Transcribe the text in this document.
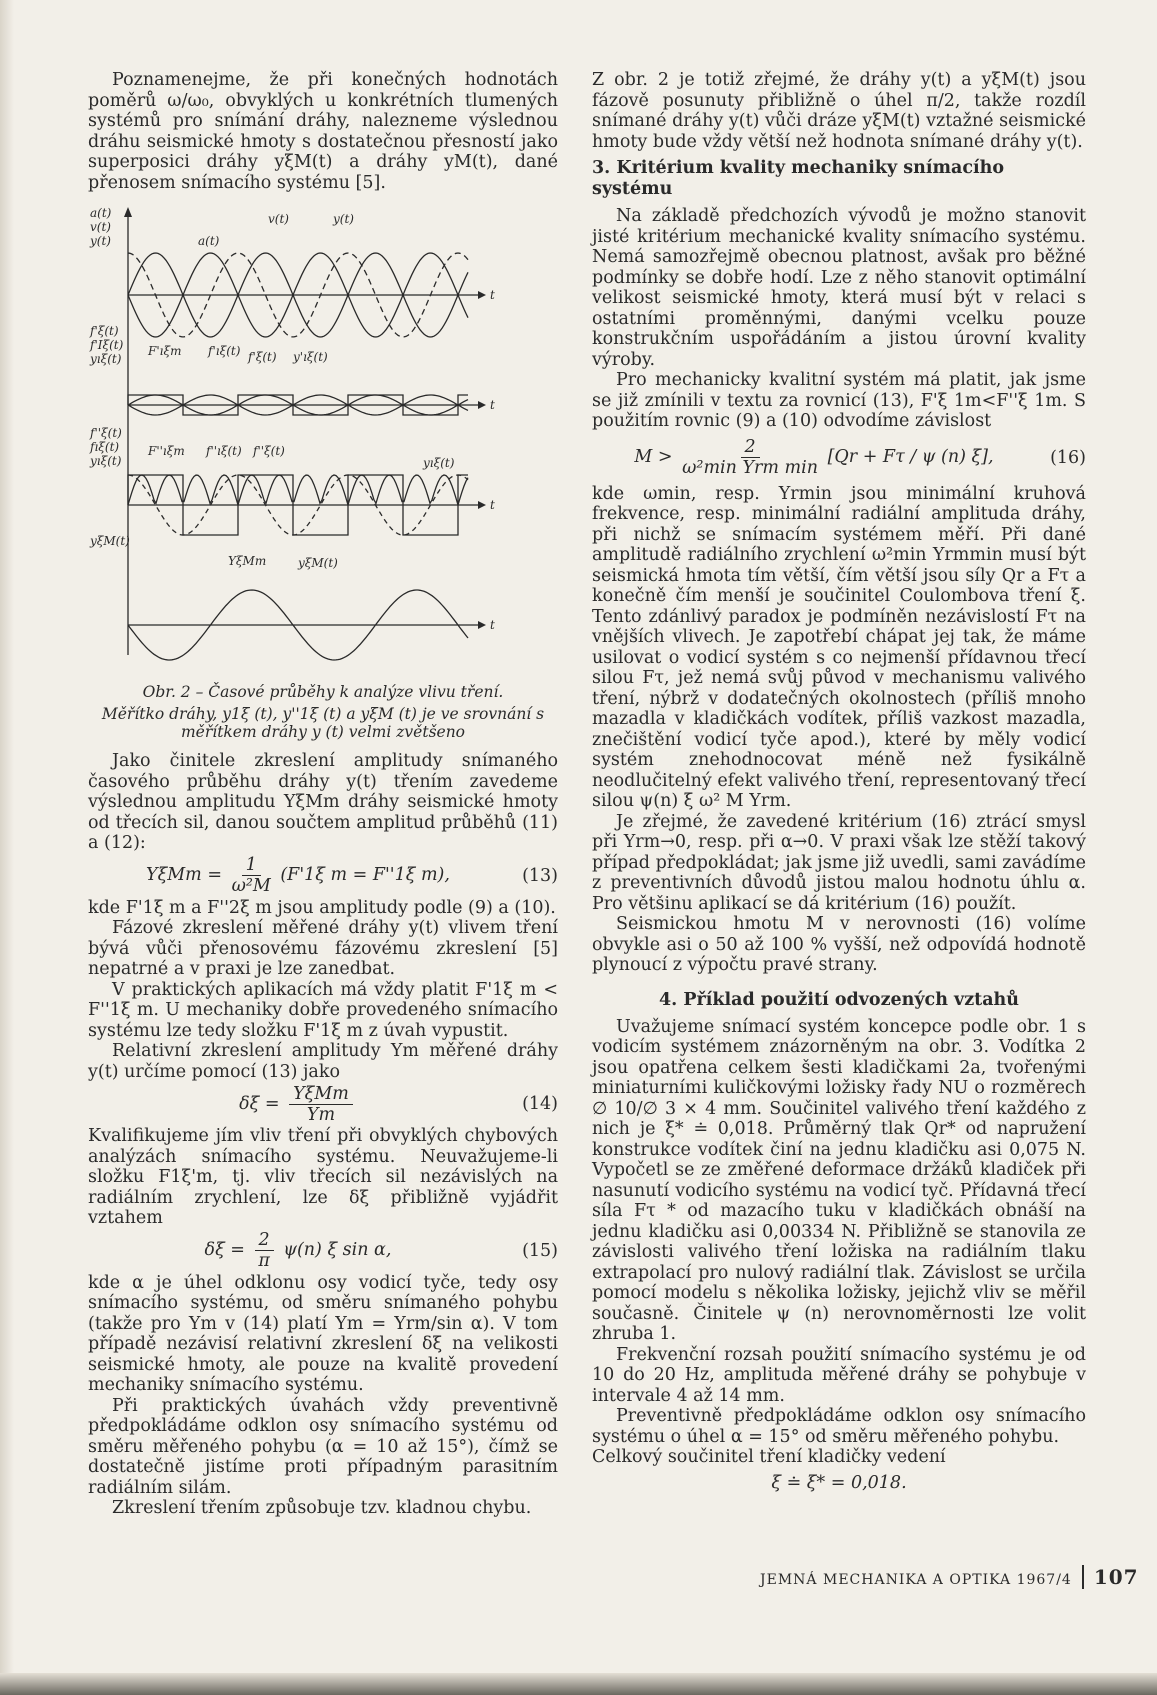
Poznamenejme, že při konečných hodnotách poměrů ω/ω₀, obvyklých u konkrétních tlumených systémů pro snímání dráhy, nalezneme výslednou dráhu seismické hmoty s dostatečnou přesností jako superposici dráhy yξM(t) a dráhy yM(t), dané přenosem snímacího systému [5].

a(t)
v(t)
y(t)	a(t)
v(t)	y(t)
t
f'ξ(t)
f'Iξ(t)
yıξ(t)
F'ıξm f'ıξ(t) f'ξ(t) y'ıξ(t)
t
f''ξ(t)
fıξ(t)
yıξ(t)
F''ıξm f''ıξ(t) f''ξ(t)
yıξ(t)
t
yξM(t)
YξMm	yξM(t)
t
Obr. 2 – Časové průběhy k analýze vlivu tření.
Měřítko dráhy, y1ξ (t), y''1ξ (t) a yξM (t) je ve srovnání s měřítkem dráhy y (t) velmi zvětšeno

Jako činitele zkreslení amplitudy snímaného časového průběhu dráhy y(t) třením zavedeme výslednou amplitudu YξMm dráhy seismické hmoty od třecích sil, danou součtem amplitud průběhů (11) a (12):

$Y\xi Mm = \frac{1}{\text{ω²M}} (F'1\xi$ m = F''1ξ m),	(13)

kde F'1ξ m a F''2ξ m jsou amplitudy podle (9) a (10).

Fázové zkreslení měřené dráhy y(t) vlivem tření bývá vůči přenosovému fázovému zkreslení [5] nepatrné a v praxi je lze zanedbat.

V praktických aplikacích má vždy platit F'1ξ m < F''1ξ m. U mechaniky dobře provedeného snímacího systému lze tedy složku F'1ξ m z úvah vypustit.

Relativní zkreslení amplitudy Ym měřené dráhy y(t) určíme pomocí (13) jako

δξ = YξMm
Ym
(14)

Kvalifikujeme jím vliv tření při obvyklých chybových analýzách snímacího systému. Neuvažujeme-li složku F1ξ'm, tj. vliv třecích sil nezávislých na radiálním zrychlení, lze δξ přibližně vyjádřit vztahem

$\delta\xi = \frac{2}{\pi} \psi(n)$ ξ sin α,	(15)

kde α je úhel odklonu osy vodicí tyče, tedy osy snímacího systému, od směru snímaného pohybu (takže pro Ym v (14) platí Ym = Yrm/sin α). V tom případě nezávisí relativní zkreslení δξ na velikosti seismické hmoty, ale pouze na kvalitě provedení mechaniky snímacího systému.

Při praktických úvahách vždy preventivně předpokládáme odklon osy snímacího systému od směru měřeného pohybu (α = 10 až 15°), čímž se dostatečně jistíme proti případným parasitním radiálním silám.

Zkreslení třením způsobuje tzv. kladnou chybu.

Z obr. 2 je totiž zřejmé, že dráhy y(t) a yξM(t) jsou fázově posunuty přibližně o úhel π/2, takže rozdíl snímané dráhy y(t) vůči dráze yξM(t) vztažné seismické hmoty bude vždy větší než hodnota snímané dráhy y(t).

3. Kritérium kvality mechaniky snímacího systému

Na základě předchozích vývodů je možno stanovit jisté kritérium mechanické kvality snímacího systému. Nemá samozřejmě obecnou platnost, avšak pro běžné podmínky se dobře hodí. Lze z něho stanovit optimální velikost seismické hmoty, která musí být v relaci s ostatními proměnnými, danými vcelku pouze konstrukčním uspořádáním a jistou úrovní kvality výroby.

Pro mechanicky kvalitní systém má platit, jak jsme se již zmínili v textu za rovnicí (13), F'ξ 1m<F''ξ 1m. S použitím rovnic (9) a (10) odvodíme závislost

M >	2
ω²min Yrm min
[Qr + Fτ / ψ (n) ξ],	(16)

kde ωmin, resp. Yrmin jsou minimální kruhová frekvence, resp. minimální radiální amplituda dráhy, při nichž se snímacím systémem měří. Při dané amplitudě radiálního zrychlení ω²min Yrmmin musí být seismická hmota tím větší, čím větší jsou síly Qr a Fτ a konečně čím menší je součinitel Coulombova tření ξ. Tento zdánlivý paradox je podmíněn nezávislostí Fτ na vnějších vlivech. Je zapotřebí chápat jej tak, že máme usilovat o vodicí systém s co nejmenší přídavnou třecí silou Fτ, jež nemá svůj původ v mechanismu valivého tření, nýbrž v dodatečných okolnostech (příliš mnoho mazadla v kladičkách vodítek, příliš vazkost mazadla, znečištění vodicí tyče apod.), které by měly vodicí systém znehodnocovat méně než fysikálně neodlučitelný efekt valivého tření, representovaný třecí silou ψ(n) ξ ω² M Yrm.

Je zřejmé, že zavedené kritérium (16) ztrácí smysl při Yrm→0, resp. při α→0. V praxi však lze stěží takový případ předpokládat; jak jsme již uvedli, sami zavádíme z preventivních důvodů jistou malou hodnotu úhlu α. Pro většinu aplikací se dá kritérium (16) použít.

Seismickou hmotu M v nerovnosti (16) volíme obvykle asi o 50 až 100 % vyšší, než odpovídá hodnotě plynoucí z výpočtu pravé strany.

4. Příklad použití odvozených vztahů

Uvažujeme snímací systém koncepce podle obr. 1 s vodicím systémem znázorněným na obr. 3. Vodítka 2 jsou opatřena celkem šesti kladičkami 2a, tvořenými miniaturními kuličkovými ložisky řady NU o rozměrech ∅ 10/∅ 3 × 4 mm. Součinitel valivého tření každého z nich je ξ* ≐ 0,018. Průměrný tlak Qr* od napružení konstrukce vodítek činí na jednu kladičku asi 0,075 N. Vypočetl se ze změřené deformace držáků kladiček při nasunutí vodicího systému na vodicí tyč. Přídavná třecí síla Fτ * od mazacího tuku v kladičkách obnáší na jednu kladičku asi 0,00334 N. Přibližně se stanovila ze závislosti valivého tření ložiska na radiálním tlaku extrapolací pro nulový radiální tlak. Závislost se určila pomocí modelu s několika ložisky, jejichž vliv se měřil současně. Činitele ψ (n) nerovnoměrnosti lze volit zhruba 1.

Frekvenční rozsah použití snímacího systému je od 10 do 20 Hz, amplituda měřené dráhy se pohybuje v intervale 4 až 14 mm.

Preventivně předpokládáme odklon osy snímacího systému o úhel α = 15° od směru měřeného pohybu.

Celkový součinitel tření kladičky vedení

ξ ≐ ξ* = 0,018.
JEMNÁ MECHANIKA A OPTIKA 1967/4 107
